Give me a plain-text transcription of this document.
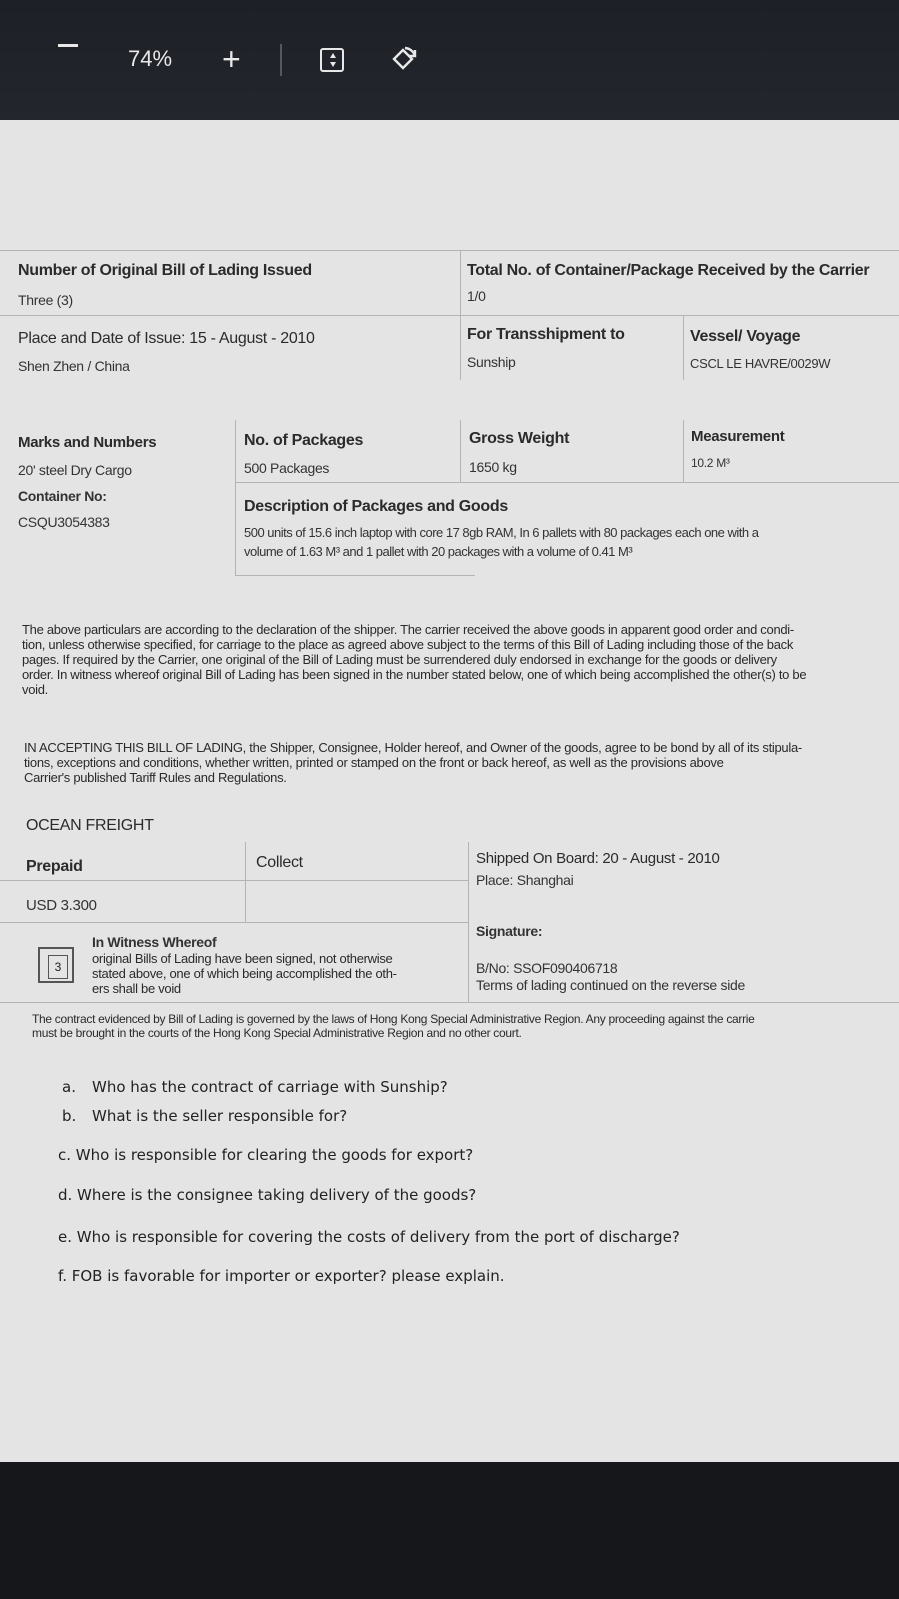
74% +
Number of Original Bill of Lading Issued
Three (3)
Total No. of Container/Package Received by the Carrier
1/0
Place and Date of Issue: 15 - August - 2010
Shen Zhen / China
For Transshipment to
Sunship
Vessel/ Voyage
CSCL LE HAVRE/0029W
Marks and Numbers
20' steel Dry Cargo
Container No:
CSQU3054383
No. of Packages
500 Packages
Gross Weight
1650 kg
Measurement
10.2 M³
Description of Packages and Goods
500 units of 15.6 inch laptop with core 17 8gb RAM, In 6 pallets with 80 packages each one with a
volume of 1.63 M³ and 1 pallet with 20 packages with a volume of 0.41 M³
The above particulars are according to the declaration of the shipper. The carrier received the above goods in apparent good order and condi-
tion, unless otherwise specified, for carriage to the place as agreed above subject to the terms of this Bill of Lading including those of the back
pages. If required by the Carrier, one original of the Bill of Lading must be surrendered duly endorsed in exchange for the goods or delivery
order. In witness whereof original Bill of Lading has been signed in the number stated below, one of which being accomplished the other(s) to be
void.
IN ACCEPTING THIS BILL OF LADING, the Shipper, Consignee, Holder hereof, and Owner of the goods, agree to be bond by all of its stipula-
tions, exceptions and conditions, whether written, printed or stamped on the front or back hereof, as well as the provisions above
Carrier's published Tariff Rules and Regulations.
OCEAN FREIGHT
Prepaid	Collect
USD 3.300
Shipped On Board: 20 - August - 2010
Place: Shanghai
Signature:
3
In Witness Whereof
original Bills of Lading have been signed, not otherwise
stated above, one of which being accomplished the oth-
ers shall be void
B/No: SSOF090406718
Terms of lading continued on the reverse side
The contract evidenced by Bill of Lading is governed by the laws of Hong Kong Special Administrative Region. Any proceeding against the carrie
must be brought in the courts of the Hong Kong Special Administrative Region and no other court.
a. Who has the contract of carriage with Sunship?
b. What is the seller responsible for?
c. Who is responsible for clearing the goods for export?
d. Where is the consignee taking delivery of the goods?
e. Who is responsible for covering the costs of delivery from the port of discharge?
f. FOB is favorable for importer or exporter? please explain.
